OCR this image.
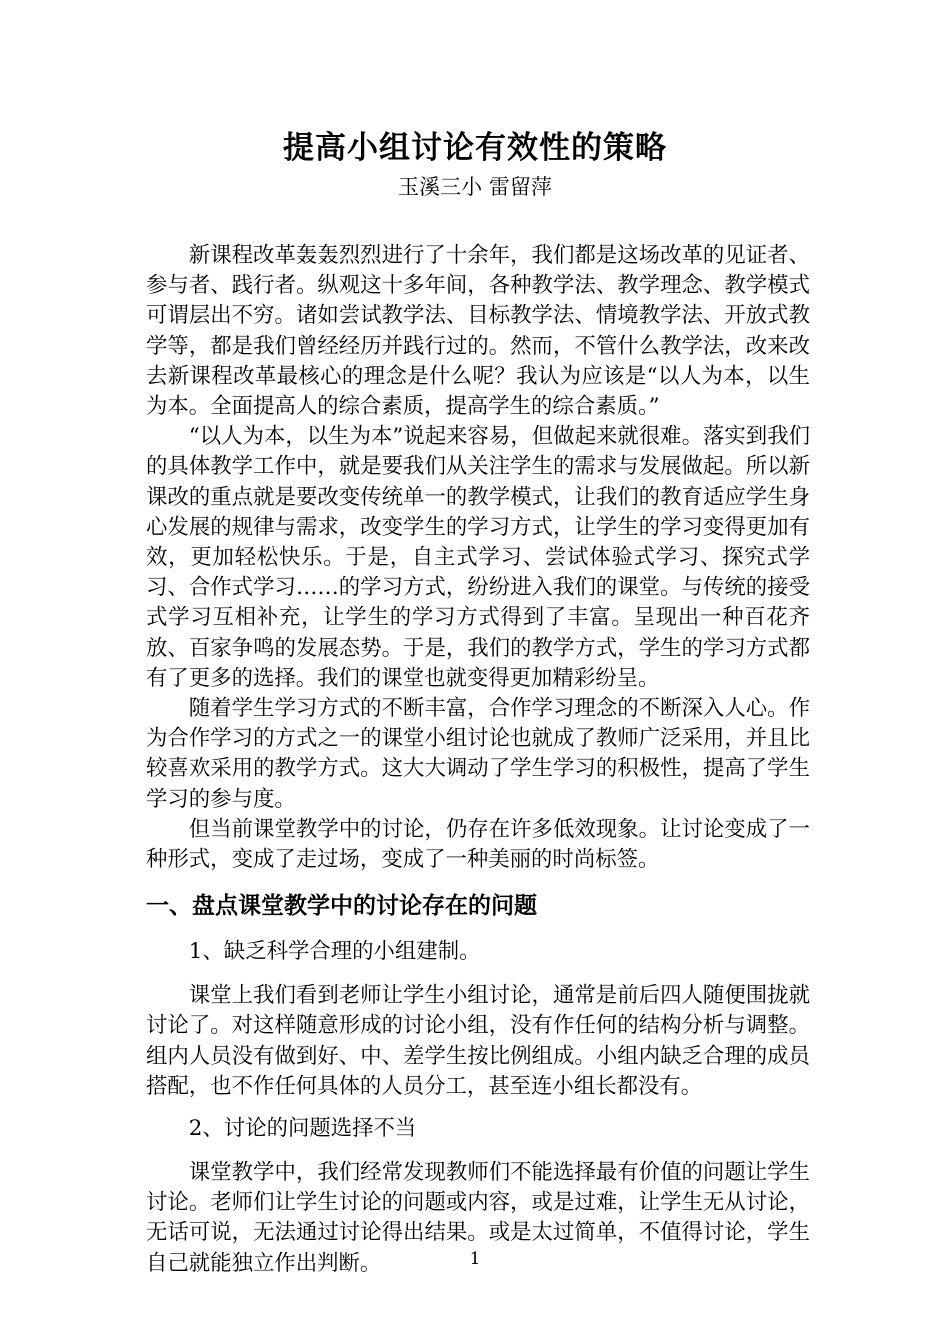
提高小组讨论有效性的策略
玉溪三小 雷留萍

新课程改革轰轰烈烈进行了十余年，我们都是这场改革的见证者、参与者、践行者。纵观这十多年间，各种教学法、教学理念、教学模式可谓层出不穷。诸如尝试教学法、目标教学法、情境教学法、开放式教学等，都是我们曾经经历并践行过的。然而，不管什么教学法，改来改去新课程改革最核心的理念是什么呢？我认为应该是“以人为本，以生为本。全面提高人的综合素质，提高学生的综合素质。”

“以人为本，以生为本”说起来容易，但做起来就很难。落实到我们的具体教学工作中，就是要我们从关注学生的需求与发展做起。所以新课改的重点就是要改变传统单一的教学模式，让我们的教育适应学生身心发展的规律与需求，改变学生的学习方式，让学生的学习变得更加有效，更加轻松快乐。于是，自主式学习、尝试体验式学习、探究式学习、合作式学习……的学习方式，纷纷进入我们的课堂。与传统的接受式学习互相补充，让学生的学习方式得到了丰富。呈现出一种百花齐放、百家争鸣的发展态势。于是，我们的教学方式，学生的学习方式都有了更多的选择。我们的课堂也就变得更加精彩纷呈。

随着学生学习方式的不断丰富，合作学习理念的不断深入人心。作为合作学习的方式之一的课堂小组讨论也就成了教师广泛采用，并且比较喜欢采用的教学方式。这大大调动了学生学习的积极性，提高了学生学习的参与度。

但当前课堂教学中的讨论，仍存在许多低效现象。让讨论变成了一种形式，变成了走过场，变成了一种美丽的时尚标签。

一、盘点课堂教学中的讨论存在的问题
1、缺乏科学合理的小组建制。

课堂上我们看到老师让学生小组讨论，通常是前后四人随便围拢就讨论了。对这样随意形成的讨论小组，没有作任何的结构分析与调整。组内人员没有做到好、中、差学生按比例组成。小组内缺乏合理的成员搭配，也不作任何具体的人员分工，甚至连小组长都没有。

2、讨论的问题选择不当

课堂教学中，我们经常发现教师们不能选择最有价值的问题让学生讨论。老师们让学生讨论的问题或内容，或是过难，让学生无从讨论，无话可说，无法通过讨论得出结果。或是太过简单，不值得讨论，学生自己就能独立作出判断。	1
